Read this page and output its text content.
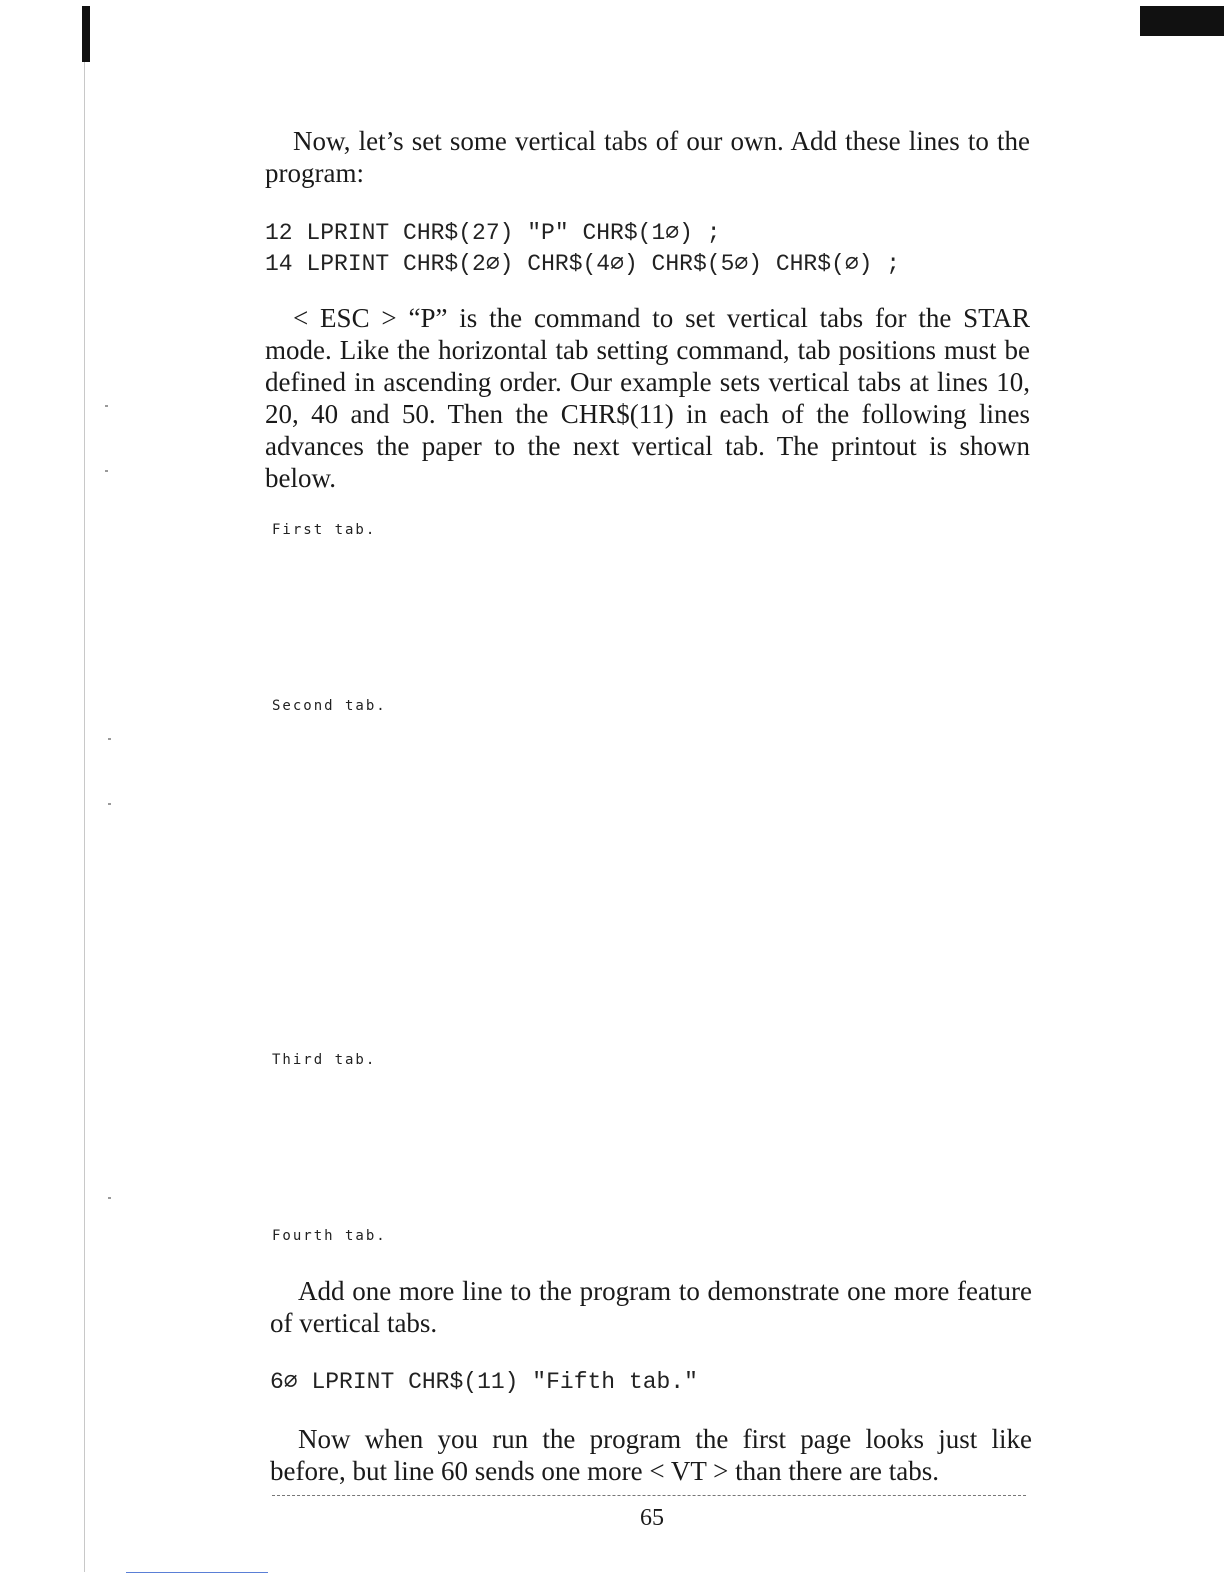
Now, let’s set some vertical tabs of our own. Add these lines to the program:

12 LPRINT CHR$(27) "P" CHR$(1∅) ;

14 LPRINT CHR$(2∅) CHR$(4∅) CHR$(5∅) CHR$(∅) ;

< ESC > “P” is the command to set vertical tabs for the STAR mode. Like the horizontal tab setting command, tab positions must be defined in ascending order. Our example sets vertical tabs at lines 10, 20, 40 and 50. Then the CHR$(11) in each of the following lines advances the paper to the next vertical tab. The printout is shown below.

First tab.

Second tab.

Third tab.

Fourth tab.

Add one more line to the program to demonstrate one more feature of vertical tabs.

6∅ LPRINT CHR$(11) "Fifth tab."

Now when you run the program the first page looks just like before, but line 60 sends one more < VT > than there are tabs.

65
